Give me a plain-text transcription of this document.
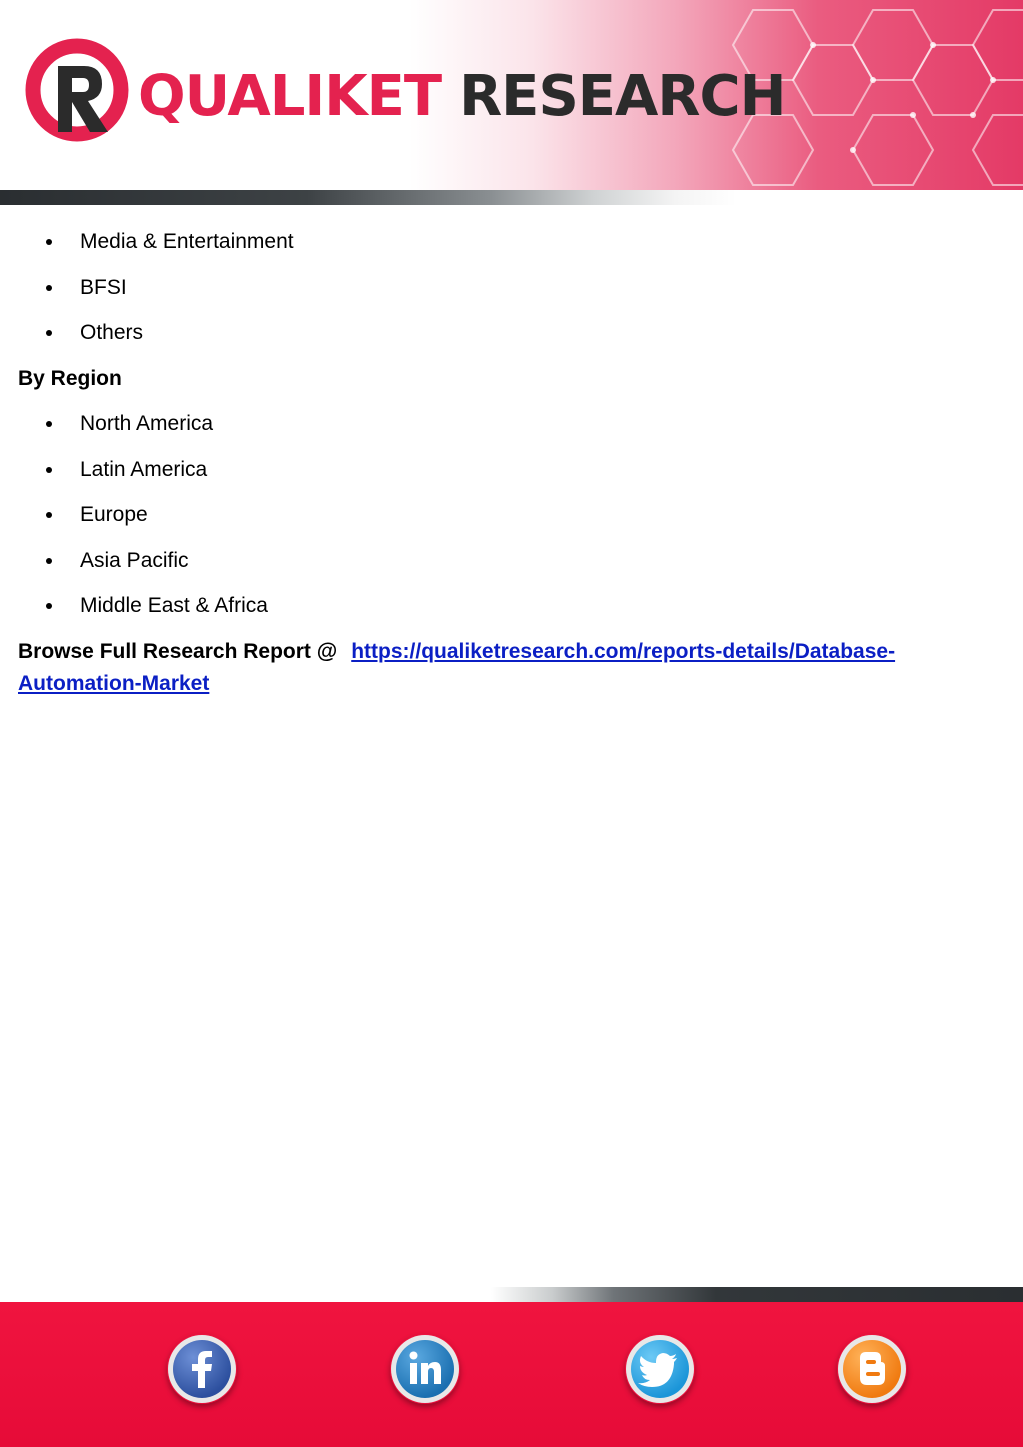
QUALIKET RESEARCH
Media & Entertainment
BFSI
Others
By Region
North America
Latin America
Europe
Asia Pacific
Middle East & Africa
Browse Full Research Report @ https://qualiketresearch.com/reports-details/Database-
Automation-Market
